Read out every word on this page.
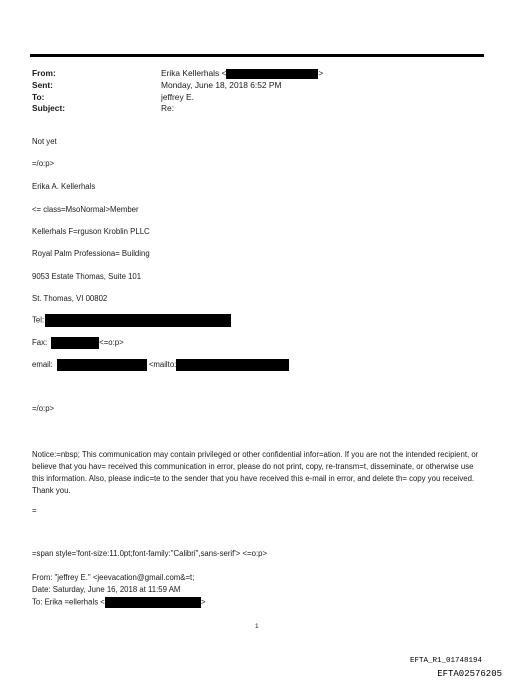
From:	Erika Kellerhals <	>
Sent:	Monday, June 18, 2018 6:52 PM
To:	jeffrey E.
Subject:	Re:
Not yet
=/o:p>
Erika A. Kellerhals
<= class=MsoNormal>Member
Kellerhals F=rguson Kroblin PLLC
Royal Palm Professiona= Building
9053 Estate Thomas, Suite 101
St. Thomas, VI 00802
Tel:
Fax:	<=o:p>
email:	<mailto:
=/o:p>
Notice:=nbsp; This communication may contain privileged or other confidential infor=ation. If you are not the intended recipient, or believe that you hav= received this communication in error, please do not print, copy, re-transm=t, disseminate, or otherwise use this information. Also, please indic=te to the sender that you have received this e-mail in error, and delete th= copy you received. Thank you.
=
=span style='font-size:11.0pt;font-family:"Calibri",sans-serif'> <=o:p>
From: "jeffrey E." <jeevacation@gmail.com&=t;
Date: Saturday, June 16, 2018 at 11:59 AM
To: Erika =ellerhals <	>
1
EFTA_R1_01748194
EFTA02576205
